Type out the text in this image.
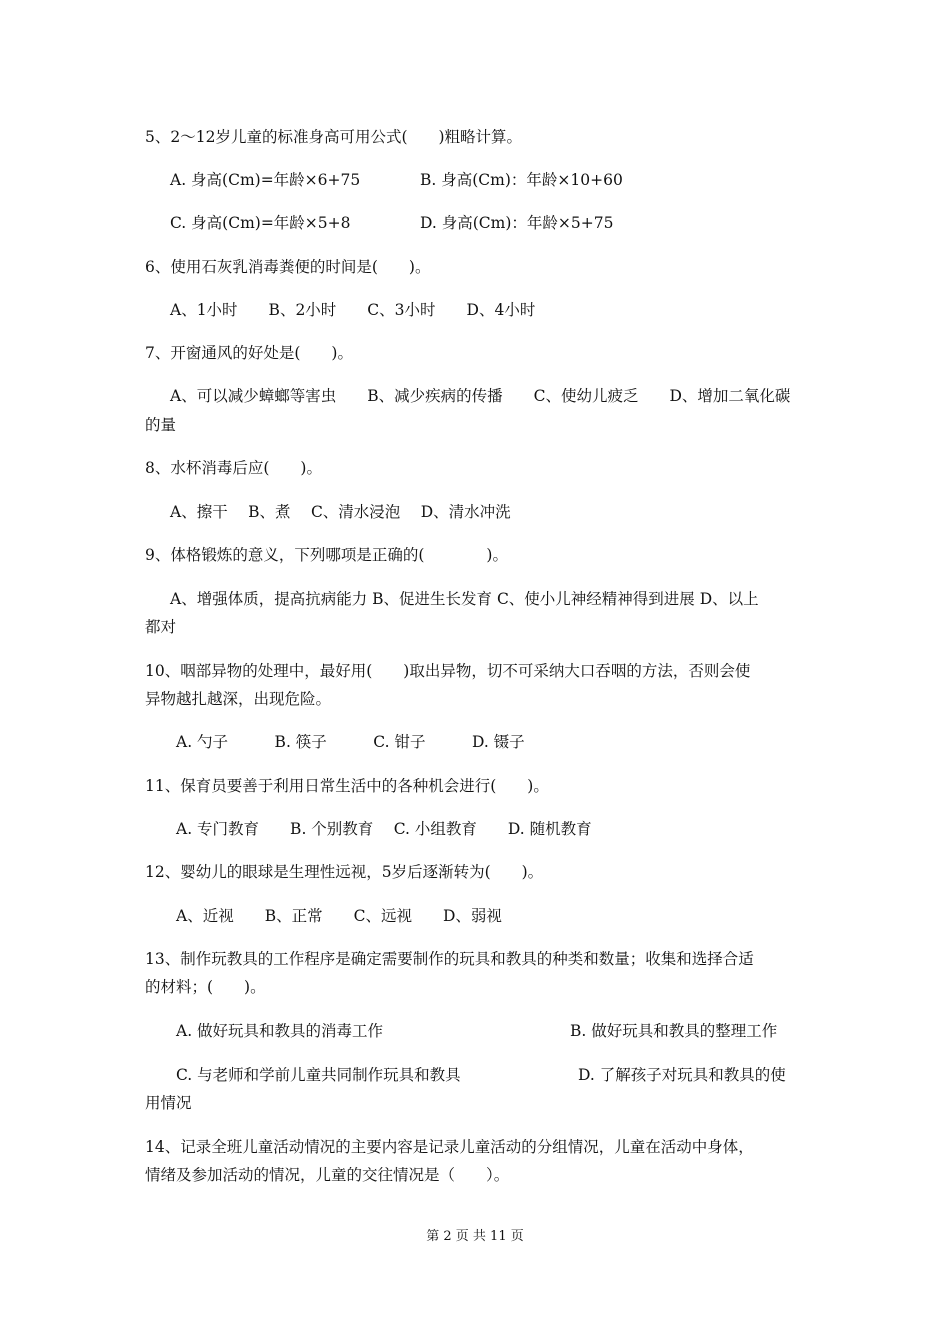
5、2～12岁儿童的标准身高可用公式(　　)粗略计算。
A. 身高(Cm)=年龄×6+75	B. 身高(Cm)：年龄×10+60
C. 身高(Cm)=年龄×5+8	D. 身高(Cm)：年龄×5+75
6、使用石灰乳消毒粪便的时间是(　　)。
A、1小时　　B、2小时　　C、3小时　　D、4小时
7、开窗通风的好处是(　　)。
A、可以减少蟑螂等害虫　　B、减少疾病的传播　　C、使幼儿疲乏　　D、增加二氧化碳
的量
8、水杯消毒后应(　　)。
A、擦干　 B、煮　 C、清水浸泡　 D、清水冲洗
9、体格锻炼的意义，下列哪项是正确的(　　　　)。
A、增强体质，提高抗病能力 B、促进生长发育 C、使小儿神经精神得到进展 D、以上
都对
10、咽部异物的处理中，最好用(　　)取出异物，切不可采纳大口吞咽的方法，否则会使
异物越扎越深，出现危险。
A. 勺子　　　B. 筷子　　　C. 钳子　　　D. 镊子
11、保育员要善于利用日常生活中的各种机会进行(　　)。
A. 专门教育　　B. 个别教育　 C. 小组教育　　D. 随机教育
12、婴幼儿的眼球是生理性远视，5岁后逐渐转为(　　)。
A、近视　　B、正常　　C、远视　　D、弱视
13、制作玩教具的工作程序是确定需要制作的玩具和教具的种类和数量；收集和选择合适
的材料；(　　)。
A. 做好玩具和教具的消毒工作	B. 做好玩具和教具的整理工作
C. 与老师和学前儿童共同制作玩具和教具	D. 了解孩子对玩具和教具的使
用情况
14、记录全班儿童活动情况的主要内容是记录儿童活动的分组情况，儿童在活动中身体，
情绪及参加活动的情况，儿童的交往情况是（　　）。
第 2 页 共 11 页
